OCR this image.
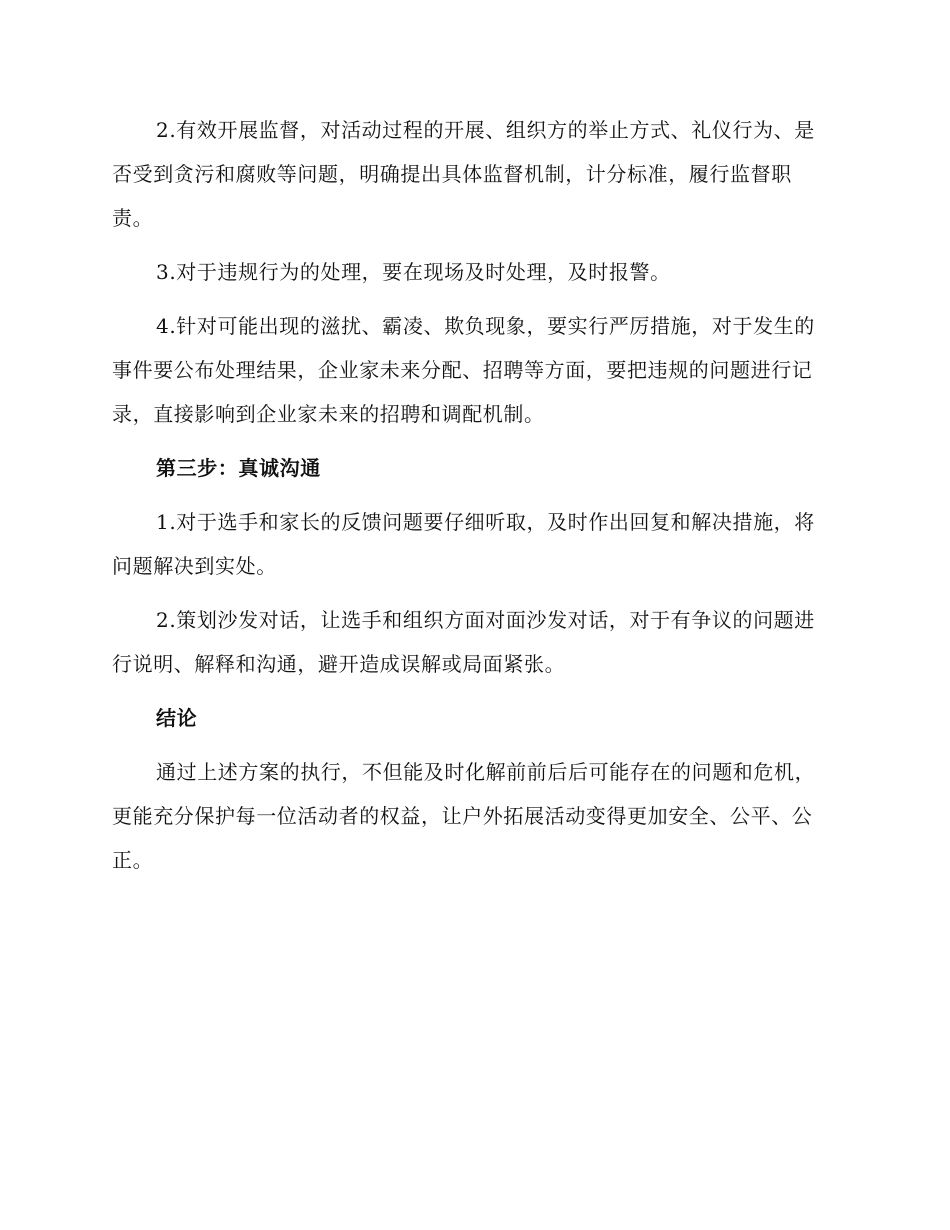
2.有效开展监督，对活动过程的开展、组织方的举止方式、礼仪行为、是否受到贪污和腐败等问题，明确提出具体监督机制，计分标准，履行监督职责。

3.对于违规行为的处理，要在现场及时处理，及时报警。

4.针对可能出现的滋扰、霸凌、欺负现象，要实行严厉措施，对于发生的事件要公布处理结果，企业家未来分配、招聘等方面，要把违规的问题进行记录，直接影响到企业家未来的招聘和调配机制。

第三步：真诚沟通

1.对于选手和家长的反馈问题要仔细听取，及时作出回复和解决措施，将问题解决到实处。

2.策划沙发对话，让选手和组织方面对面沙发对话，对于有争议的问题进行说明、解释和沟通，避开造成误解或局面紧张。

结论

通过上述方案的执行，不但能及时化解前前后后可能存在的问题和危机，更能充分保护每一位活动者的权益，让户外拓展活动变得更加安全、公平、公正。
